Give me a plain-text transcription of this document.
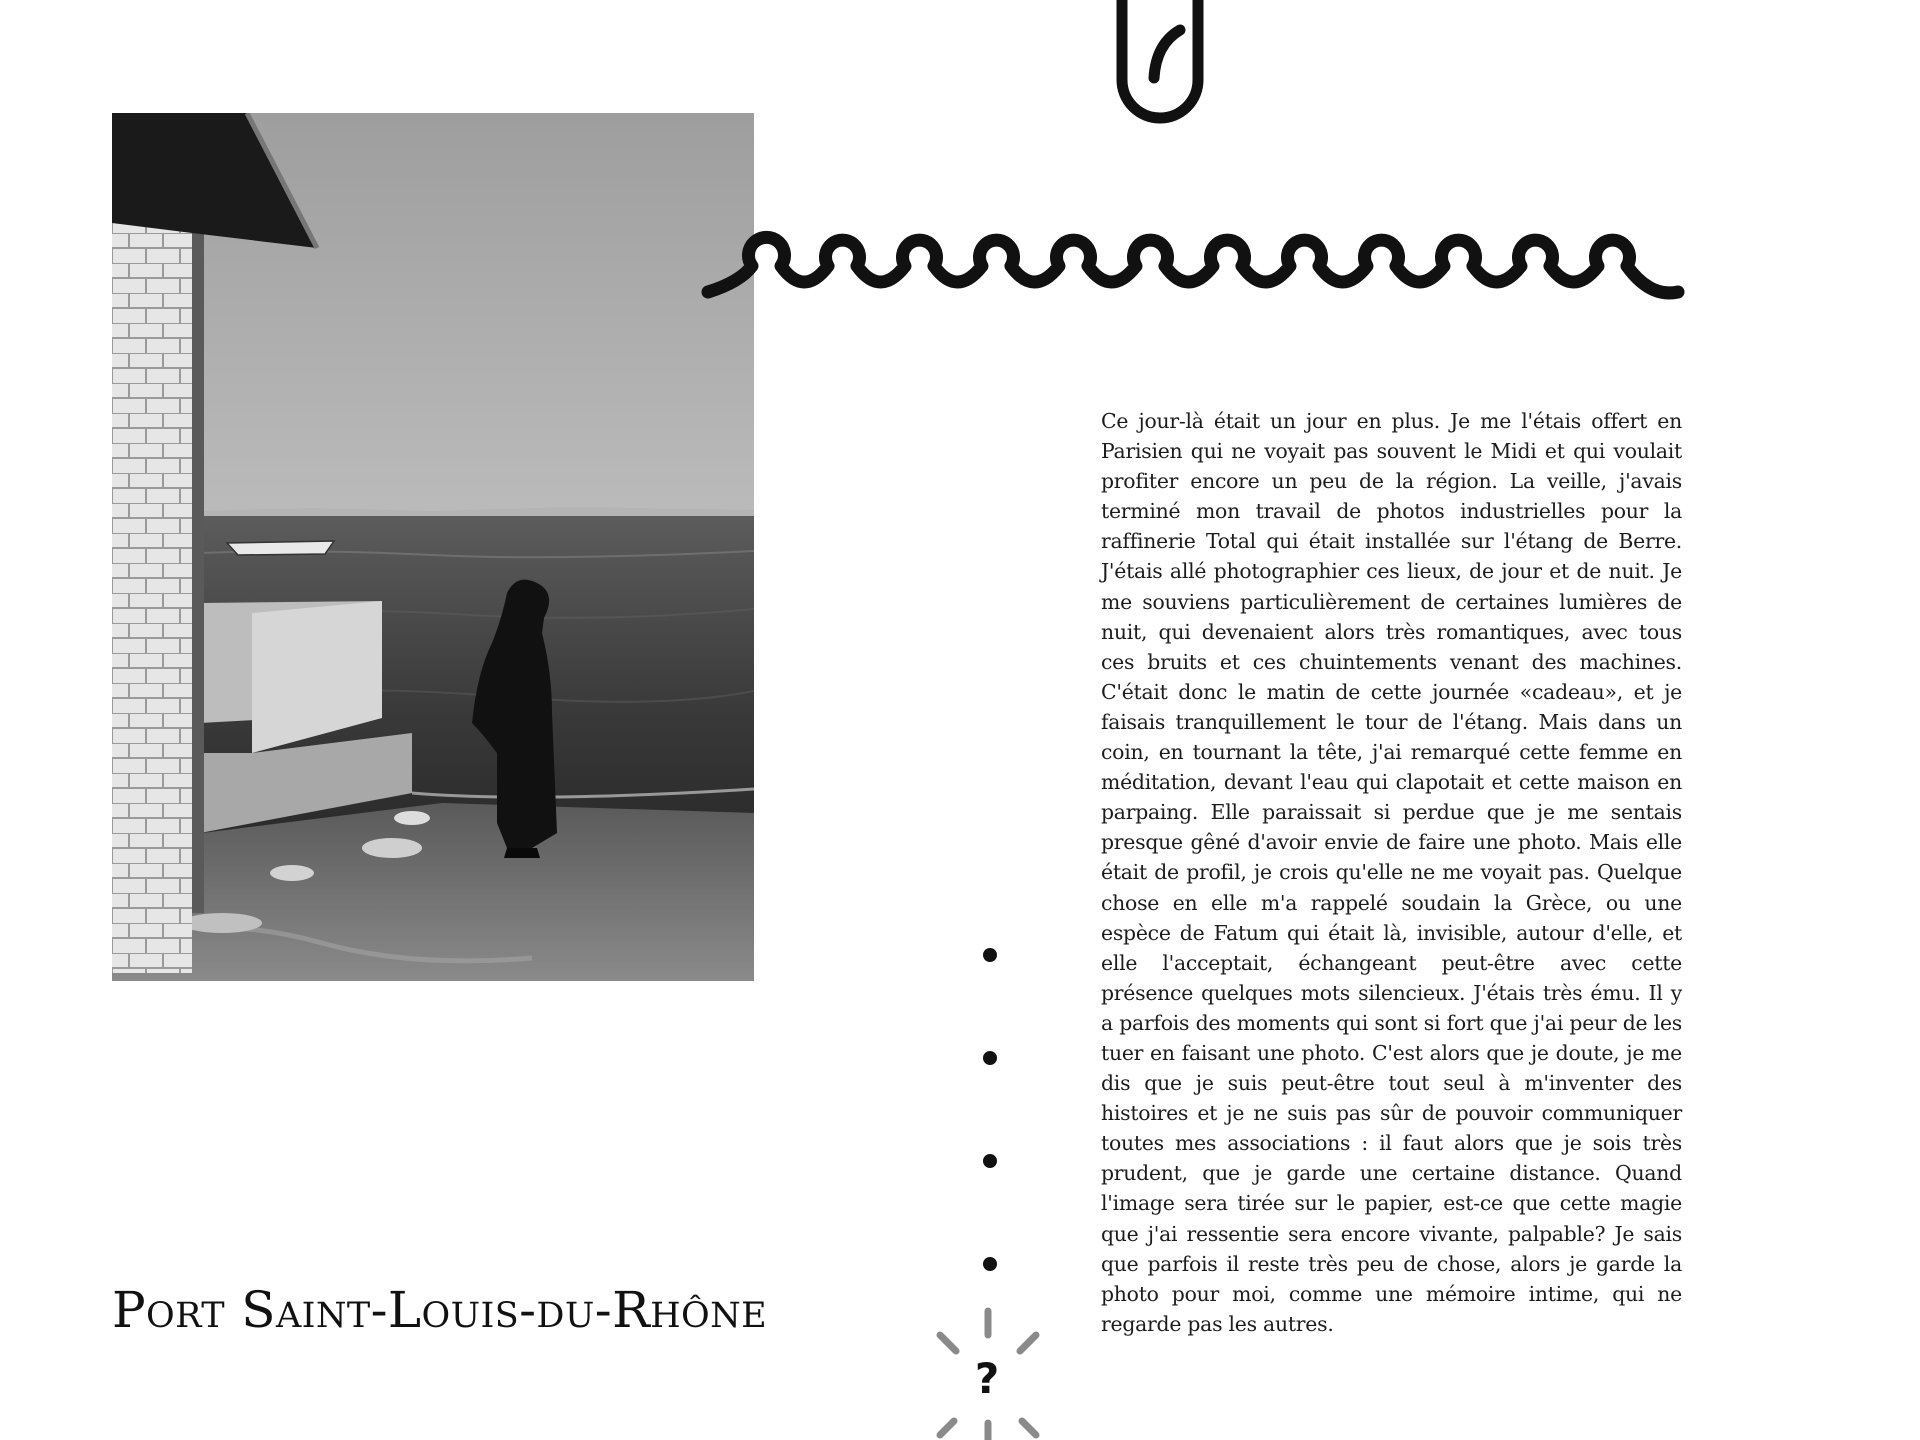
Ce jour-là était un jour en plus. Je me l'étais offert en Parisien qui ne voyait pas souvent le Midi et qui voulait profiter encore un peu de la région. La veille, j'avais terminé mon travail de photos industrielles pour la raffinerie Total qui était installée sur l'étang de Berre. J'étais allé photographier ces lieux, de jour et de nuit. Je me souviens particulièrement de certaines lumières de nuit, qui devenaient alors très romantiques, avec tous ces bruits et ces chuintements venant des machines. C'était donc le matin de cette journée «cadeau», et je faisais tranquillement le tour de l'étang. Mais dans un coin, en tournant la tête, j'ai remarqué cette femme en méditation, devant l'eau qui clapotait et cette maison en parpaing. Elle paraissait si perdue que je me sentais presque gêné d'avoir envie de faire une photo. Mais elle était de profil, je crois qu'elle ne me voyait pas. Quelque chose en elle m'a rappelé soudain la Grèce, ou une espèce de Fatum qui était là, invisible, autour d'elle, et elle l'acceptait, échangeant peut-être avec cette présence quelques mots silencieux. J'étais très ému. Il y a parfois des moments qui sont si fort que j'ai peur de les tuer en faisant une photo. C'est alors que je doute, je me dis que je suis peut-être tout seul à m'inventer des histoires et je ne suis pas sûr de pouvoir communiquer toutes mes associations : il faut alors que je sois très prudent, que je garde une certaine distance. Quand l'image sera tirée sur le papier, est-ce que cette magie que j'ai ressentie sera encore vivante, palpable? Je sais que parfois il reste très peu de chose, alors je garde la photo pour moi, comme une mémoire intime, qui ne regarde pas les autres.

Port Saint-Louis-du-Rhône
?
